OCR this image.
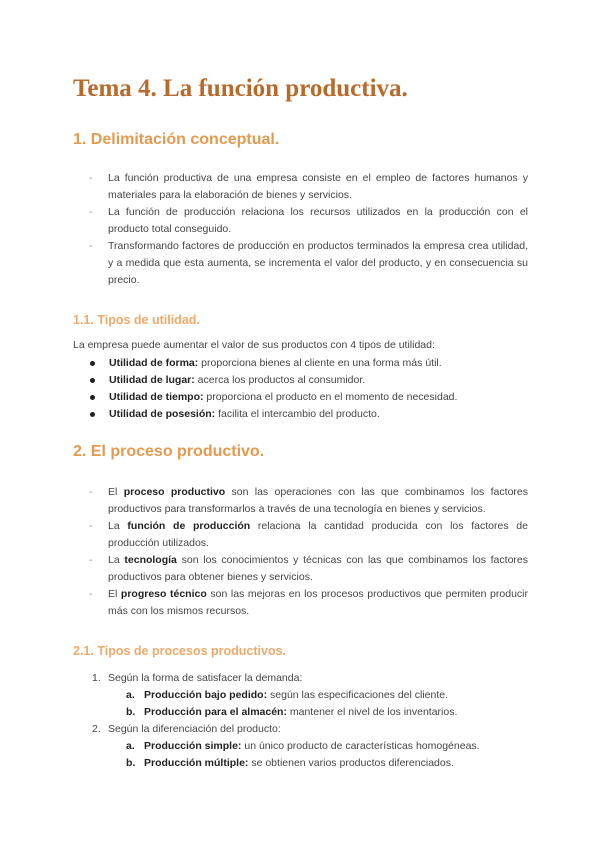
Tema 4. La función productiva.
1. Delimitación conceptual.
- La función productiva de una empresa consiste en el empleo de factores humanos y materiales para la elaboración de bienes y servicios.
- La función de producción relaciona los recursos utilizados en la producción con el producto total conseguido.
- Transformando factores de producción en productos terminados la empresa crea utilidad, y a medida que esta aumenta, se incrementa el valor del producto, y en consecuencia su precio.
1.1. Tipos de utilidad.

La empresa puede aumentar el valor de sus productos con 4 tipos de utilidad:

Utilidad de forma: proporciona bienes al cliente en una forma más útil.
Utilidad de lugar: acerca los productos al consumidor.
Utilidad de tiempo: proporciona el producto en el momento de necesidad.
Utilidad de posesión: facilita el intercambio del producto.
2. El proceso productivo.
- El proceso productivo son las operaciones con las que combinamos los factores productivos para transformarlos a través de una tecnología en bienes y servicios.
- La función de producción relaciona la cantidad producida con los factores de producción utilizados.
- La tecnología son los conocimientos y técnicas con las que combinamos los factores productivos para obtener bienes y servicios.
- El progreso técnico son las mejoras en los procesos productivos que permiten producir más con los mismos recursos.
2.1. Tipos de procesos productivos.
1. Según la forma de satisfacer la demanda:
a. Producción bajo pedido: según las especificaciones del cliente.
b. Producción para el almacén: mantener el nivel de los inventarios.
2. Según la diferenciación del producto:
a. Producción simple: un único producto de características homogéneas.
b. Producción múltiple: se obtienen varios productos diferenciados.
